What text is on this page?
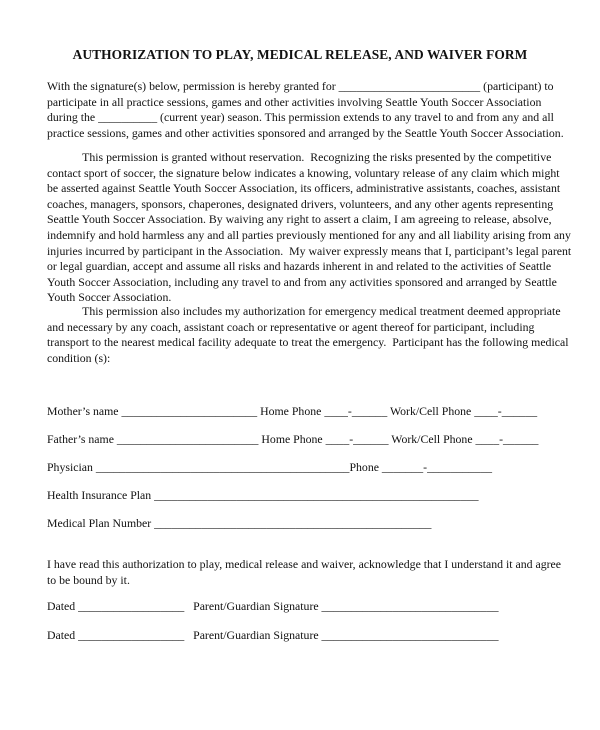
AUTHORIZATION TO PLAY, MEDICAL RELEASE, AND WAIVER FORM
With the signature(s) below, permission is hereby granted for ________________________ (participant) to
participate in all practice sessions, games and other activities involving Seattle Youth Soccer Association
during the __________ (current year) season. This permission extends to any travel to and from any and all
practice sessions, games and other activities sponsored and arranged by the Seattle Youth Soccer Association.
This permission is granted without reservation.  Recognizing the risks presented by the competitive
contact sport of soccer, the signature below indicates a knowing, voluntary release of any claim which might
be asserted against Seattle Youth Soccer Association, its officers, administrative assistants, coaches, assistant
coaches, managers, sponsors, chaperones, designated drivers, volunteers, and any other agents representing
Seattle Youth Soccer Association. By waiving any right to assert a claim, I am agreeing to release, absolve,
indemnify and hold harmless any and all parties previously mentioned for any and all liability arising from any
injuries incurred by participant in the Association.  My waiver expressly means that I, participant’s legal parent
or legal guardian, accept and assume all risks and hazards inherent in and related to the activities of Seattle
Youth Soccer Association, including any travel to and from any activities sponsored and arranged by Seattle
Youth Soccer Association.
This permission also includes my authorization for emergency medical treatment deemed appropriate
and necessary by any coach, assistant coach or representative or agent thereof for participant, including
transport to the nearest medical facility adequate to treat the emergency.  Participant has the following medical
condition (s):
Mother’s name _______________________ Home Phone ____-______ Work/Cell Phone ____-______
Father’s name ________________________ Home Phone ____-______ Work/Cell Phone ____-______
Physician ___________________________________________Phone _______-___________
Health Insurance Plan _______________________________________________________
Medical Plan Number _______________________________________________
I have read this authorization to play, medical release and waiver, acknowledge that I understand it and agree
to be bound by it.
Dated __________________   Parent/Guardian Signature ______________________________
Dated __________________   Parent/Guardian Signature ______________________________
